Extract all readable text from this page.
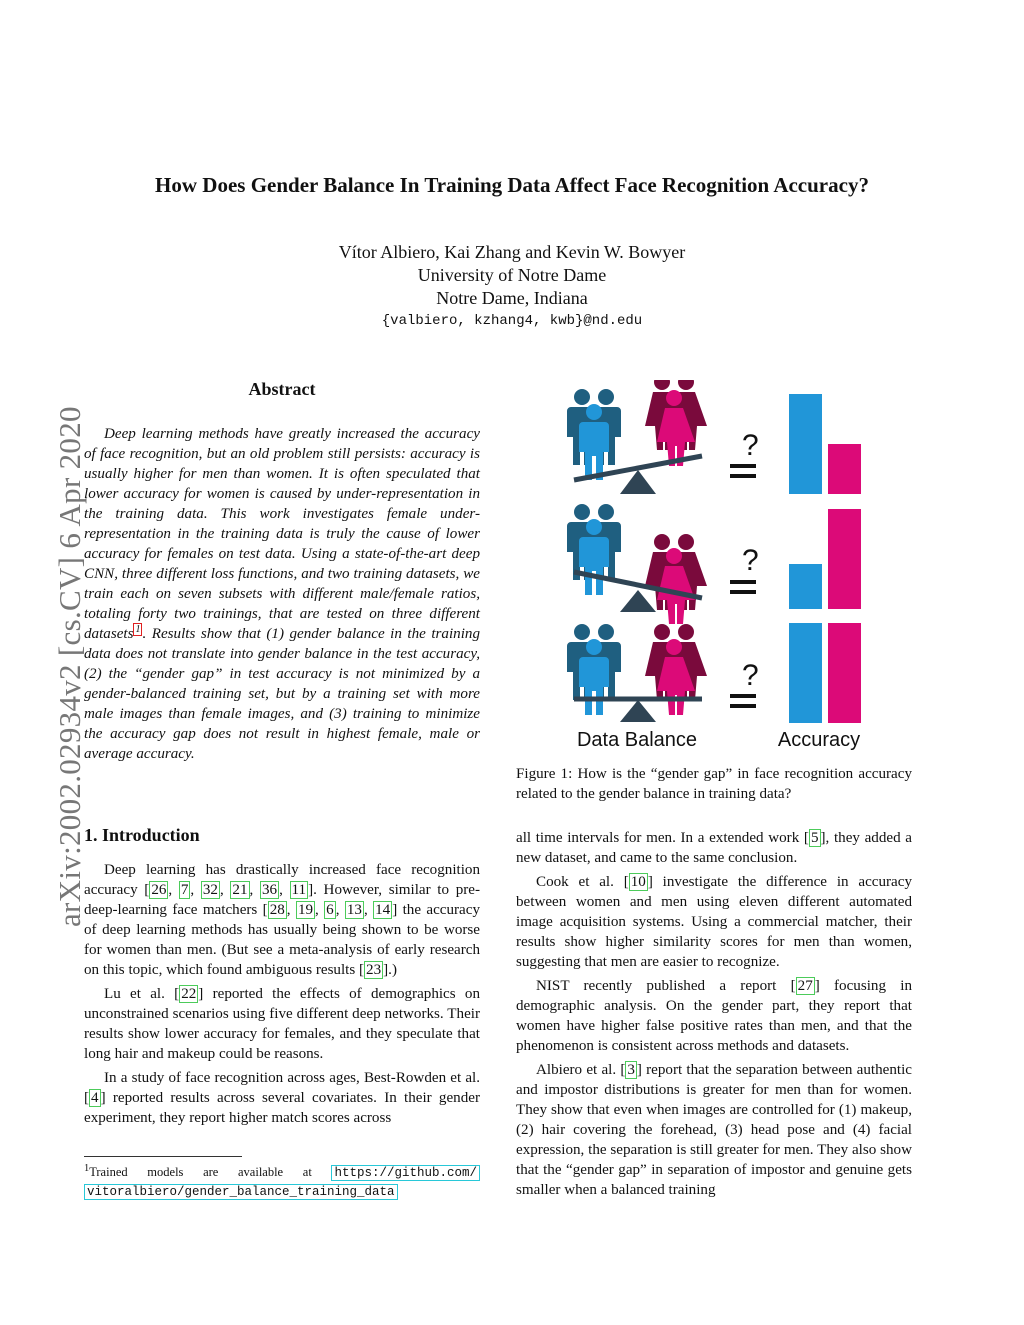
How Does Gender Balance In Training Data Affect Face Recognition Accuracy?
Vítor Albiero, Kai Zhang and Kevin W. Bowyer
University of Notre Dame
Notre Dame, Indiana
{valbiero, kzhang4, kwb}@nd.edu
arXiv:2002.02934v2 [cs.CV] 6 Apr 2020
Abstract
Deep learning methods have greatly increased the accuracy of face recognition, but an old problem still persists: accuracy is usually higher for men than women. It is often speculated that lower accuracy for women is caused by under-representation in the training data. This work investigates female under-representation in the training data is truly the cause of lower accuracy for females on test data. Using a state-of-the-art deep CNN, three different loss functions, and two training datasets, we train each on seven subsets with different male/female ratios, totaling forty two trainings, that are tested on three different datasets $^1$ . Results show that (1) gender balance in the training data does not translate into gender balance in the test accuracy, (2) the “gender gap” in test accuracy is not minimized by a gender-balanced training set, but by a training set with more male images than female images, and (3) training to minimize the accuracy gap does not result in highest female, male or average accuracy.
1. Introduction

Deep learning has drastically increased face recognition accuracy [ 26 , 7 , 32 , 21 , 36 , 11 ]. However, similar to pre-deep-learning face matchers [ 28 , 19 , 6 , 13 , 14 ] the accuracy of deep learning methods has usually being shown to be worse for women than men. (But see a meta-analysis of early research on this topic, which found ambiguous results [ 23 ].)

Lu et al. [ 22 ] reported the effects of demographics on unconstrained scenarios using five different deep networks. Their results show lower accuracy for females, and they speculate that long hair and makeup could be reasons.

In a study of face recognition across ages, Best-Rowden et al. [ 4 ] reported results across several covariates. In their gender experiment, they report higher match scores across

$^1$Trained models are available at https://github.com/ vitoralbiero/gender_balance_training_data

all time intervals for men. In a extended work [ 5 ], they added a new dataset, and came to the same conclusion.

Cook et al. [ 10 ] investigate the difference in accuracy between women and men using eleven different automated image acquisition systems. Using a commercial matcher, their results show higher similarity scores for men than women, suggesting that men are easier to recognize.

NIST recently published a report [ 27 ] focusing in demographic analysis. On the gender part, they report that women have higher false positive rates than men, and that the phenomenon is consistent across methods and datasets.

Albiero et al. [ 3 ] report that the separation between authentic and impostor distributions is greater for men than for women. They show that even when images are controlled for (1) makeup, (2) hair covering the forehead, (3) head pose and (4) facial expression, the separation is still greater for men. They also show that the “gender gap” in separation of impostor and genuine gets smaller when a balanced training

?
?
?
Data Balance	Accuracy
Figure 1: How is the “gender gap” in face recognition accuracy related to the gender balance in training data?
